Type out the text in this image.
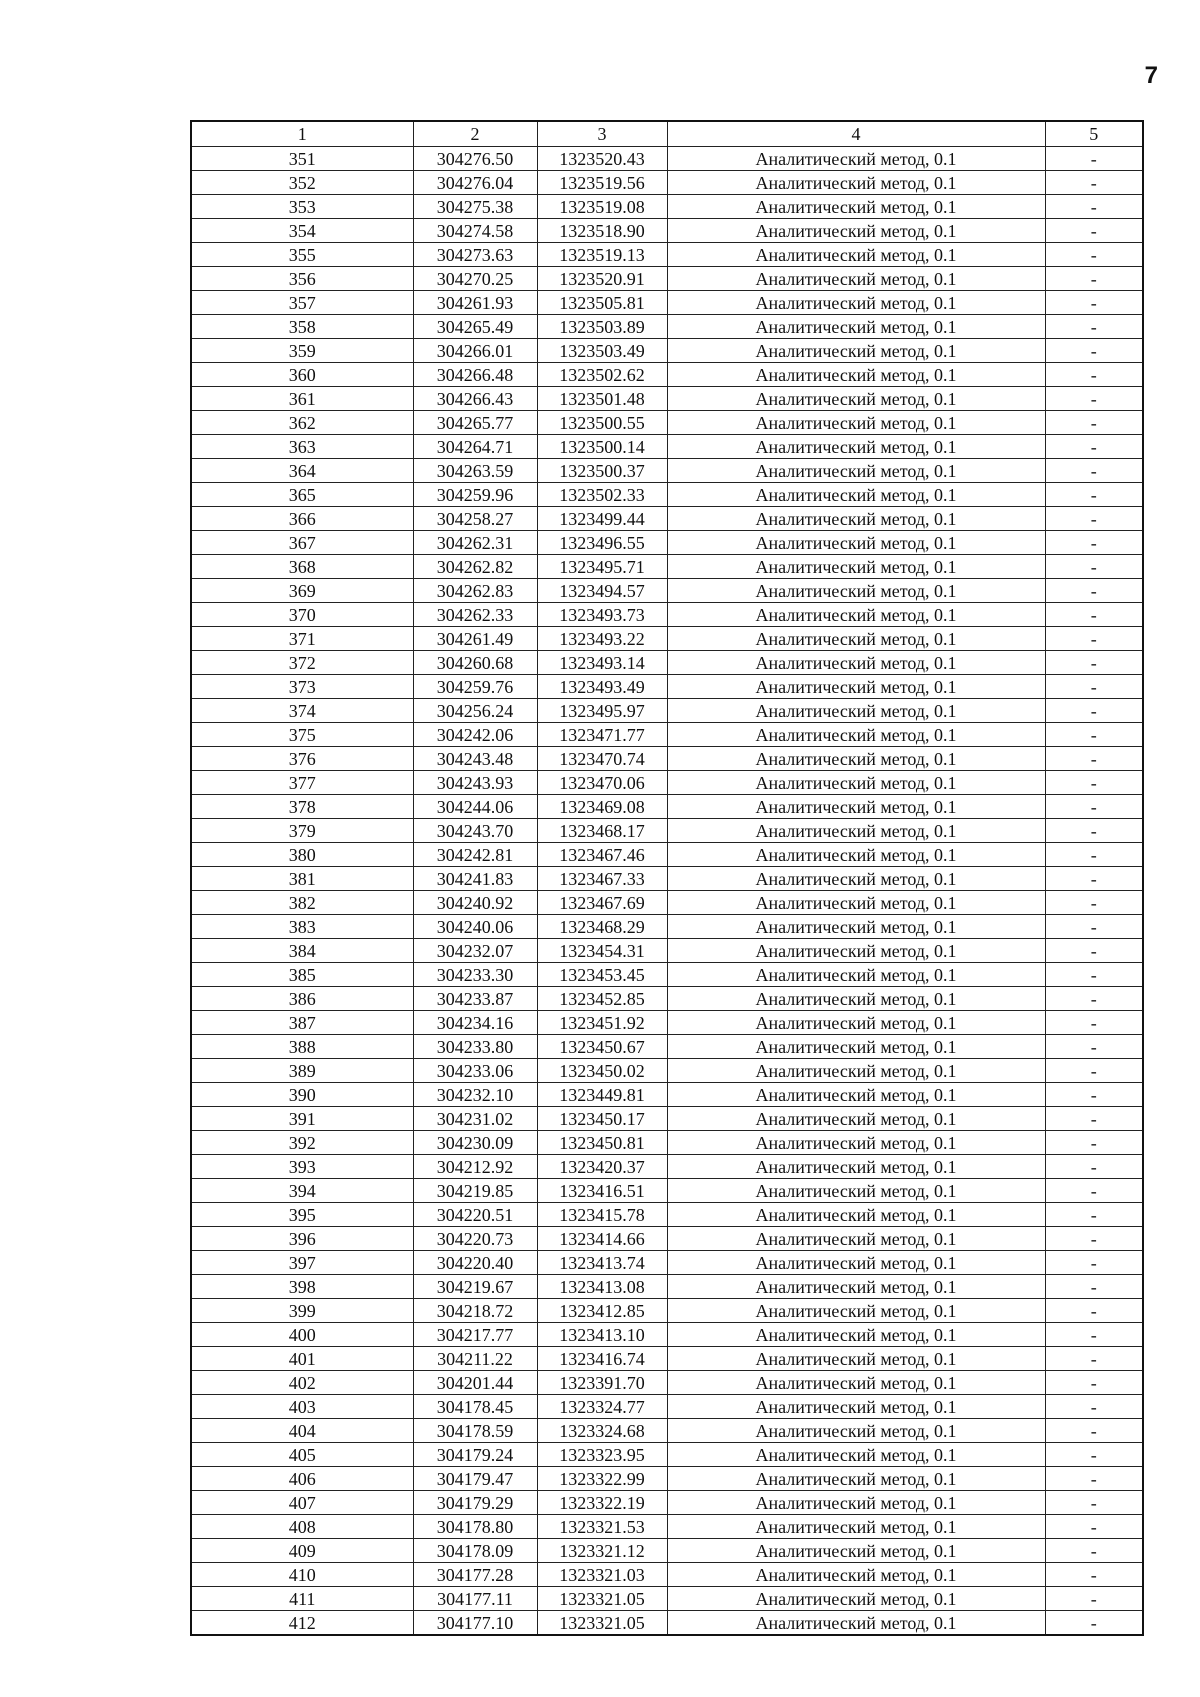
7
1	2	3	4	5
351	304276.50	1323520.43	Аналитический метод, 0.1	-
352	304276.04	1323519.56	Аналитический метод, 0.1	-
353	304275.38	1323519.08	Аналитический метод, 0.1	-
354	304274.58	1323518.90	Аналитический метод, 0.1	-
355	304273.63	1323519.13	Аналитический метод, 0.1	-
356	304270.25	1323520.91	Аналитический метод, 0.1	-
357	304261.93	1323505.81	Аналитический метод, 0.1	-
358	304265.49	1323503.89	Аналитический метод, 0.1	-
359	304266.01	1323503.49	Аналитический метод, 0.1	-
360	304266.48	1323502.62	Аналитический метод, 0.1	-
361	304266.43	1323501.48	Аналитический метод, 0.1	-
362	304265.77	1323500.55	Аналитический метод, 0.1	-
363	304264.71	1323500.14	Аналитический метод, 0.1	-
364	304263.59	1323500.37	Аналитический метод, 0.1	-
365	304259.96	1323502.33	Аналитический метод, 0.1	-
366	304258.27	1323499.44	Аналитический метод, 0.1	-
367	304262.31	1323496.55	Аналитический метод, 0.1	-
368	304262.82	1323495.71	Аналитический метод, 0.1	-
369	304262.83	1323494.57	Аналитический метод, 0.1	-
370	304262.33	1323493.73	Аналитический метод, 0.1	-
371	304261.49	1323493.22	Аналитический метод, 0.1	-
372	304260.68	1323493.14	Аналитический метод, 0.1	-
373	304259.76	1323493.49	Аналитический метод, 0.1	-
374	304256.24	1323495.97	Аналитический метод, 0.1	-
375	304242.06	1323471.77	Аналитический метод, 0.1	-
376	304243.48	1323470.74	Аналитический метод, 0.1	-
377	304243.93	1323470.06	Аналитический метод, 0.1	-
378	304244.06	1323469.08	Аналитический метод, 0.1	-
379	304243.70	1323468.17	Аналитический метод, 0.1	-
380	304242.81	1323467.46	Аналитический метод, 0.1	-
381	304241.83	1323467.33	Аналитический метод, 0.1	-
382	304240.92	1323467.69	Аналитический метод, 0.1	-
383	304240.06	1323468.29	Аналитический метод, 0.1	-
384	304232.07	1323454.31	Аналитический метод, 0.1	-
385	304233.30	1323453.45	Аналитический метод, 0.1	-
386	304233.87	1323452.85	Аналитический метод, 0.1	-
387	304234.16	1323451.92	Аналитический метод, 0.1	-
388	304233.80	1323450.67	Аналитический метод, 0.1	-
389	304233.06	1323450.02	Аналитический метод, 0.1	-
390	304232.10	1323449.81	Аналитический метод, 0.1	-
391	304231.02	1323450.17	Аналитический метод, 0.1	-
392	304230.09	1323450.81	Аналитический метод, 0.1	-
393	304212.92	1323420.37	Аналитический метод, 0.1	-
394	304219.85	1323416.51	Аналитический метод, 0.1	-
395	304220.51	1323415.78	Аналитический метод, 0.1	-
396	304220.73	1323414.66	Аналитический метод, 0.1	-
397	304220.40	1323413.74	Аналитический метод, 0.1	-
398	304219.67	1323413.08	Аналитический метод, 0.1	-
399	304218.72	1323412.85	Аналитический метод, 0.1	-
400	304217.77	1323413.10	Аналитический метод, 0.1	-
401	304211.22	1323416.74	Аналитический метод, 0.1	-
402	304201.44	1323391.70	Аналитический метод, 0.1	-
403	304178.45	1323324.77	Аналитический метод, 0.1	-
404	304178.59	1323324.68	Аналитический метод, 0.1	-
405	304179.24	1323323.95	Аналитический метод, 0.1	-
406	304179.47	1323322.99	Аналитический метод, 0.1	-
407	304179.29	1323322.19	Аналитический метод, 0.1	-
408	304178.80	1323321.53	Аналитический метод, 0.1	-
409	304178.09	1323321.12	Аналитический метод, 0.1	-
410	304177.28	1323321.03	Аналитический метод, 0.1	-
411	304177.11	1323321.05	Аналитический метод, 0.1	-
412	304177.10	1323321.05	Аналитический метод, 0.1	-
